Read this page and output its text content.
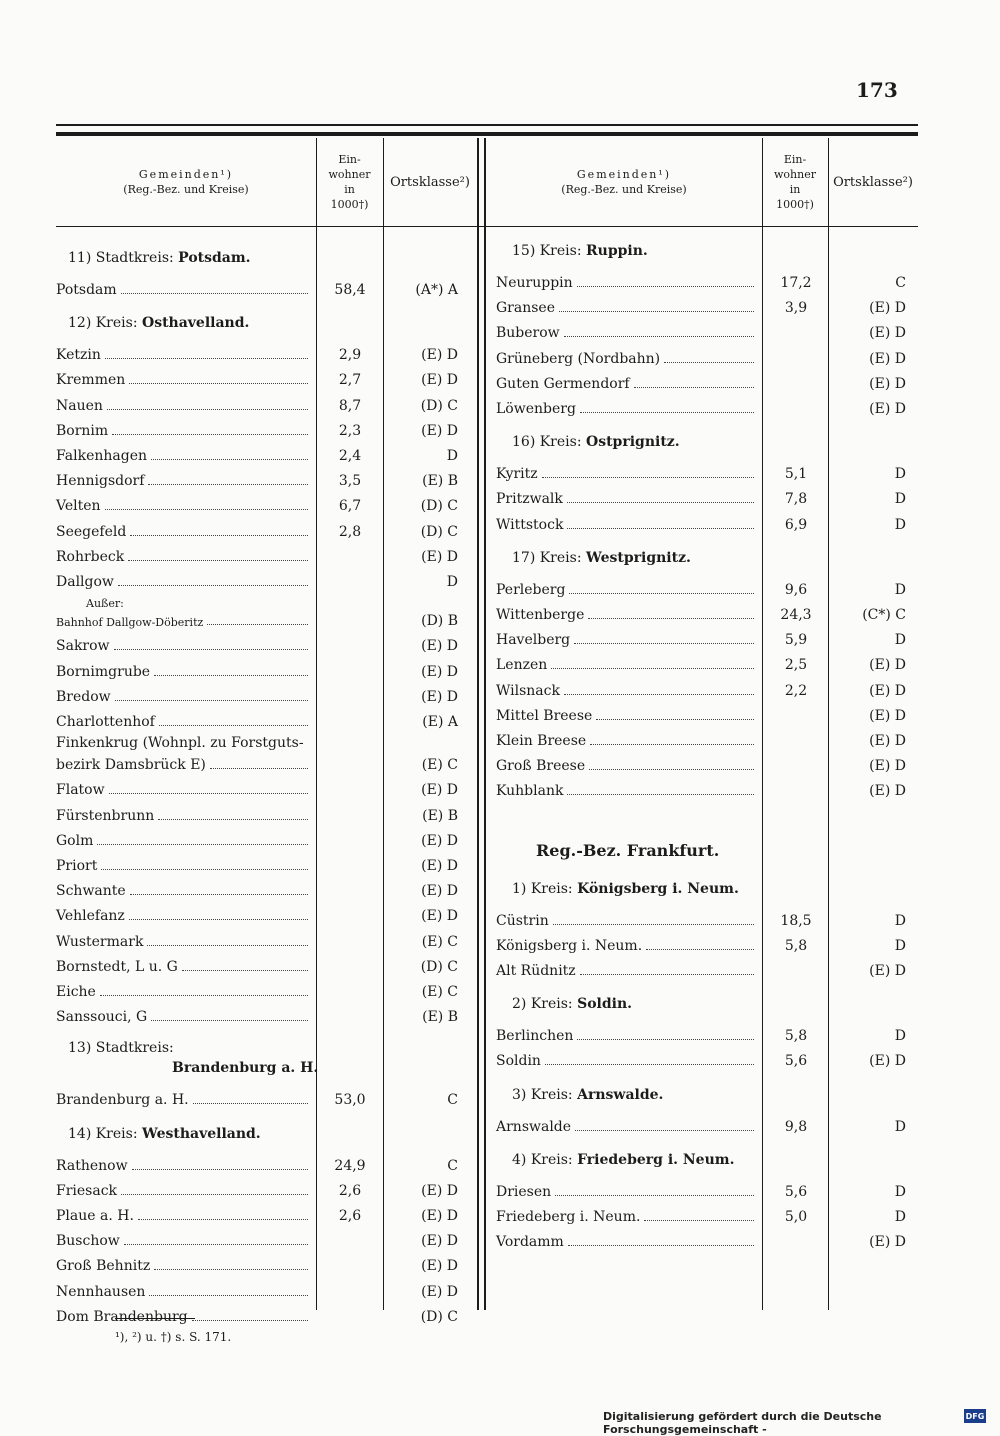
173
Gemeinden¹)
(Reg.-Bez. und Kreise)
Ein-
wohner
in
1000†)
Ortsklasse²)	Gemeinden¹)
(Reg.-Bez. und Kreise)
Ein-
wohner
in
1000†)
Ortsklasse²)
¹), ²) u. †) s. S. 171.
Digitalisierung gefördert durch die Deutsche Forschungsgemeinschaft -
DFG
11) Stadtkreis: Potsdam.
Potsdam	58,4	(A*) A
12) Kreis: Osthavelland.
Ketzin	2,9	(E) D
Kremmen	2,7	(E) D
Nauen	8,7	(D) C
Bornim	2,3	(E) D
Falkenhagen	2,4	D
Hennigsdorf	3,5	(E) B
Velten	6,7	(D) C
Seegefeld	2,8	(D) C
Rohrbeck	(E) D
Dallgow	D
Außer:
Bahnhof Dallgow-Döberitz	(D) B
Sakrow	(E) D
Bornimgrube	(E) D
Bredow	(E) D
Charlottenhof	(E) A
Finkenkrug (Wohnpl. zu Forstguts-
bezirk Damsbrück E)	(E) C
Flatow	(E) D
Fürstenbrunn	(E) B
Golm	(E) D
Priort	(E) D
Schwante	(E) D
Vehlefanz	(E) D
Wustermark	(E) C
Bornstedt, L u. G	(D) C
Eiche	(E) C
Sanssouci, G	(E) B
13) Stadtkreis:
Brandenburg a. H.
Brandenburg a. H.	53,0	C
14) Kreis: Westhavelland.
Rathenow	24,9	C
Friesack	2,6	(E) D
Plaue a. H.	2,6	(E) D
Buschow	(E) D
Groß Behnitz	(E) D
Nennhausen	(E) D
Dom Brandenburg	(D) C
15) Kreis: Ruppin.
Neuruppin	17,2	C
Gransee	3,9	(E) D
Buberow	(E) D
Grüneberg (Nordbahn)	(E) D
Guten Germendorf	(E) D
Löwenberg	(E) D
16) Kreis: Ostprignitz.
Kyritz	5,1	D
Pritzwalk	7,8	D
Wittstock	6,9	D
17) Kreis: Westprignitz.
Perleberg	9,6	D
Wittenberge	24,3	(C*) C
Havelberg	5,9	D
Lenzen	2,5	(E) D
Wilsnack	2,2	(E) D
Mittel Breese	(E) D
Klein Breese	(E) D
Groß Breese	(E) D
Kuhblank	(E) D
Reg.-Bez. Frankfurt.
1) Kreis: Königsberg i. Neum.
Cüstrin	18,5	D
Königsberg i. Neum.	5,8	D
Alt Rüdnitz	(E) D
2) Kreis: Soldin.
Berlinchen	5,8	D
Soldin	5,6	(E) D
3) Kreis: Arnswalde.
Arnswalde	9,8	D
4) Kreis: Friedeberg i. Neum.
Driesen	5,6	D
Friedeberg i. Neum.	5,0	D
Vordamm	(E) D
